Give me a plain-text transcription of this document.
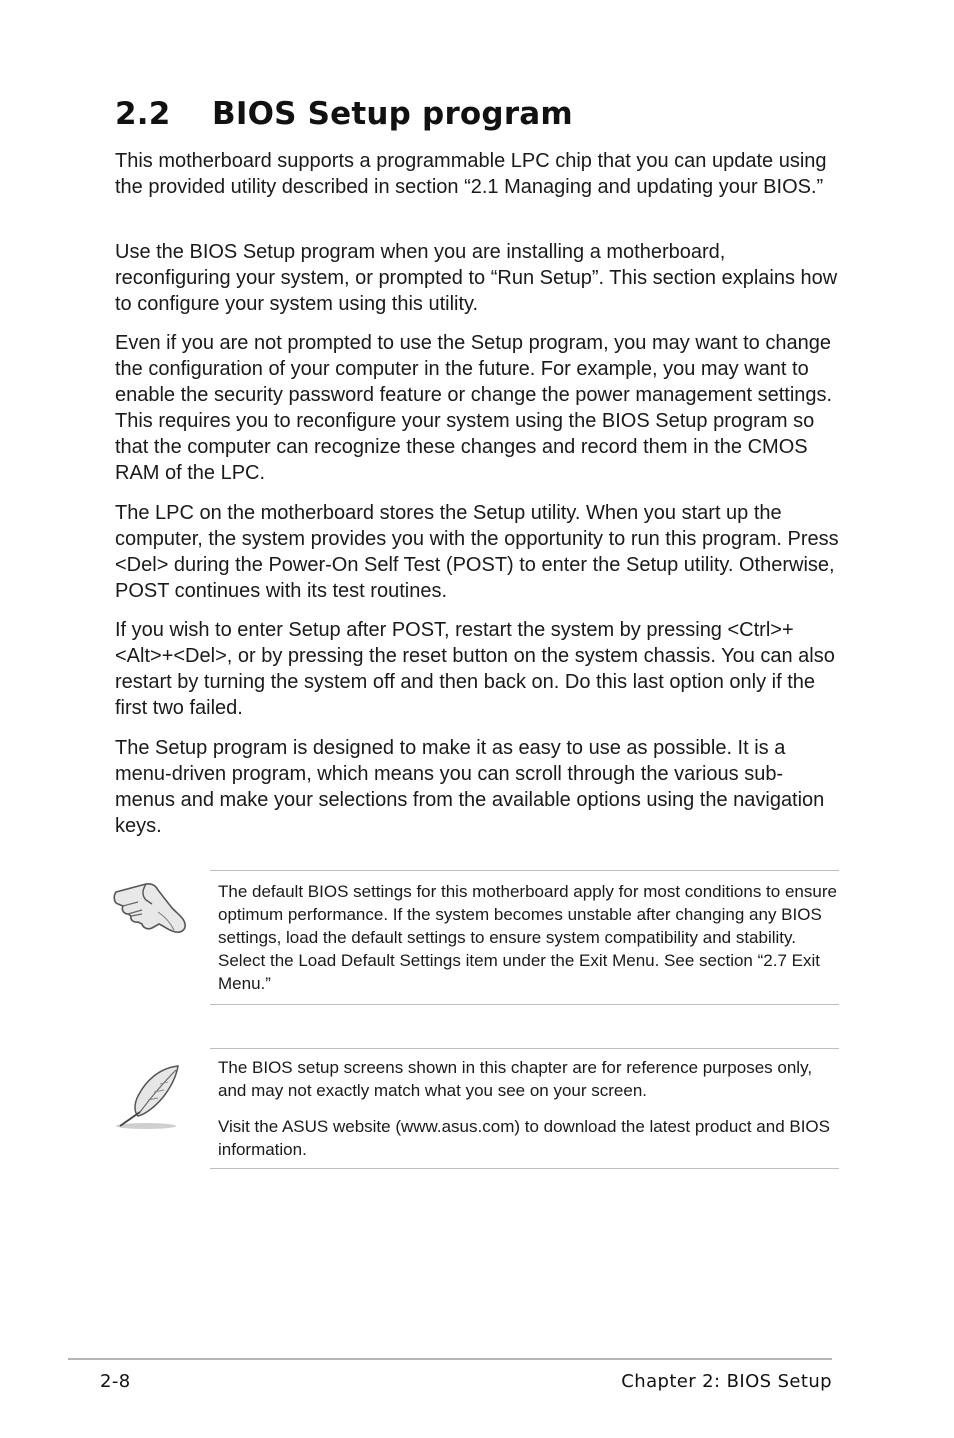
2.2 BIOS Setup program

This motherboard supports a programmable LPC chip that you can update using the provided utility described in section “2.1 Managing and updating your BIOS.”

Use the BIOS Setup program when you are installing a motherboard, reconfiguring your system, or prompted to “Run Setup”. This section explains how to configure your system using this utility.

Even if you are not prompted to use the Setup program, you may want to change the configuration of your computer in the future. For example, you may want to enable the security password feature or change the power management settings. This requires you to reconfigure your system using the BIOS Setup program so that the computer can recognize these changes and record them in the CMOS RAM of the LPC.

The LPC on the motherboard stores the Setup utility. When you start up the computer, the system provides you with the opportunity to run this program. Press <Del> during the Power-On Self Test (POST) to enter the Setup utility. Otherwise, POST continues with its test routines.

If you wish to enter Setup after POST, restart the system by pressing <Ctrl>+<Alt>+<Del>, or by pressing the reset button on the system chassis. You can also restart by turning the system off and then back on. Do this last option only if the first two failed.

The Setup program is designed to make it as easy to use as possible. It is a menu-driven program, which means you can scroll through the various sub-menus and make your selections from the available options using the navigation keys.

The default BIOS settings for this motherboard apply for most conditions to ensure optimum performance. If the system becomes unstable after changing any BIOS settings, load the default settings to ensure system compatibility and stability. Select the Load Default Settings item under the Exit Menu. See section “2.7 Exit Menu.”

The BIOS setup screens shown in this chapter are for reference purposes only, and may not exactly match what you see on your screen.

Visit the ASUS website (www.asus.com) to download the latest product and BIOS information.

2-8	Chapter 2: BIOS Setup
